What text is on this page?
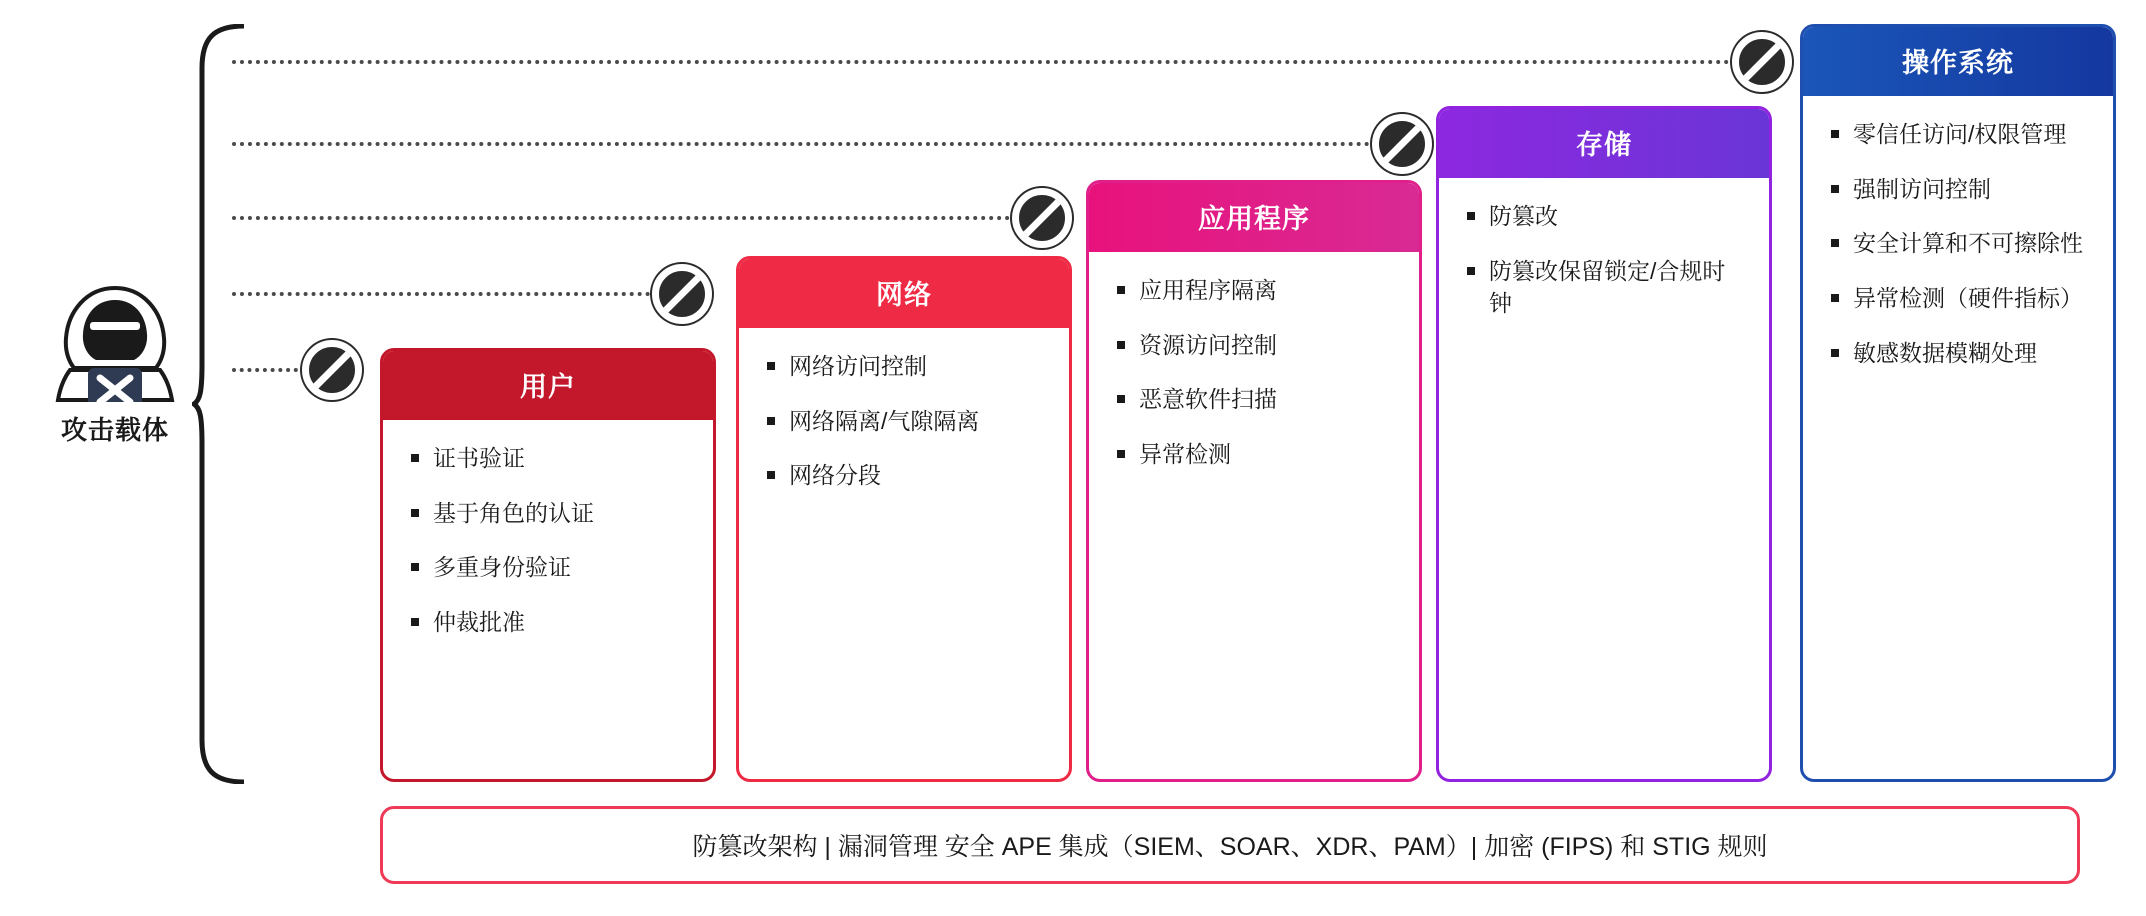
攻击载体
用户
证书验证
基于角色的认证
多重身份验证
仲裁批准
网络
网络访问控制
网络隔离/气隙隔离
网络分段
应用程序
应用程序隔离
资源访问控制
恶意软件扫描
异常检测
存储
防篡改
防篡改保留锁定/合规时钟
操作系统
零信任访问/权限管理
强制访问控制
安全计算和不可擦除性
异常检测（硬件指标）
敏感数据模糊处理
防篡改架构 | 漏洞管理 安全 APE 集成（SIEM、SOAR、XDR、PAM）| 加密 (FIPS) 和 STIG 规则
